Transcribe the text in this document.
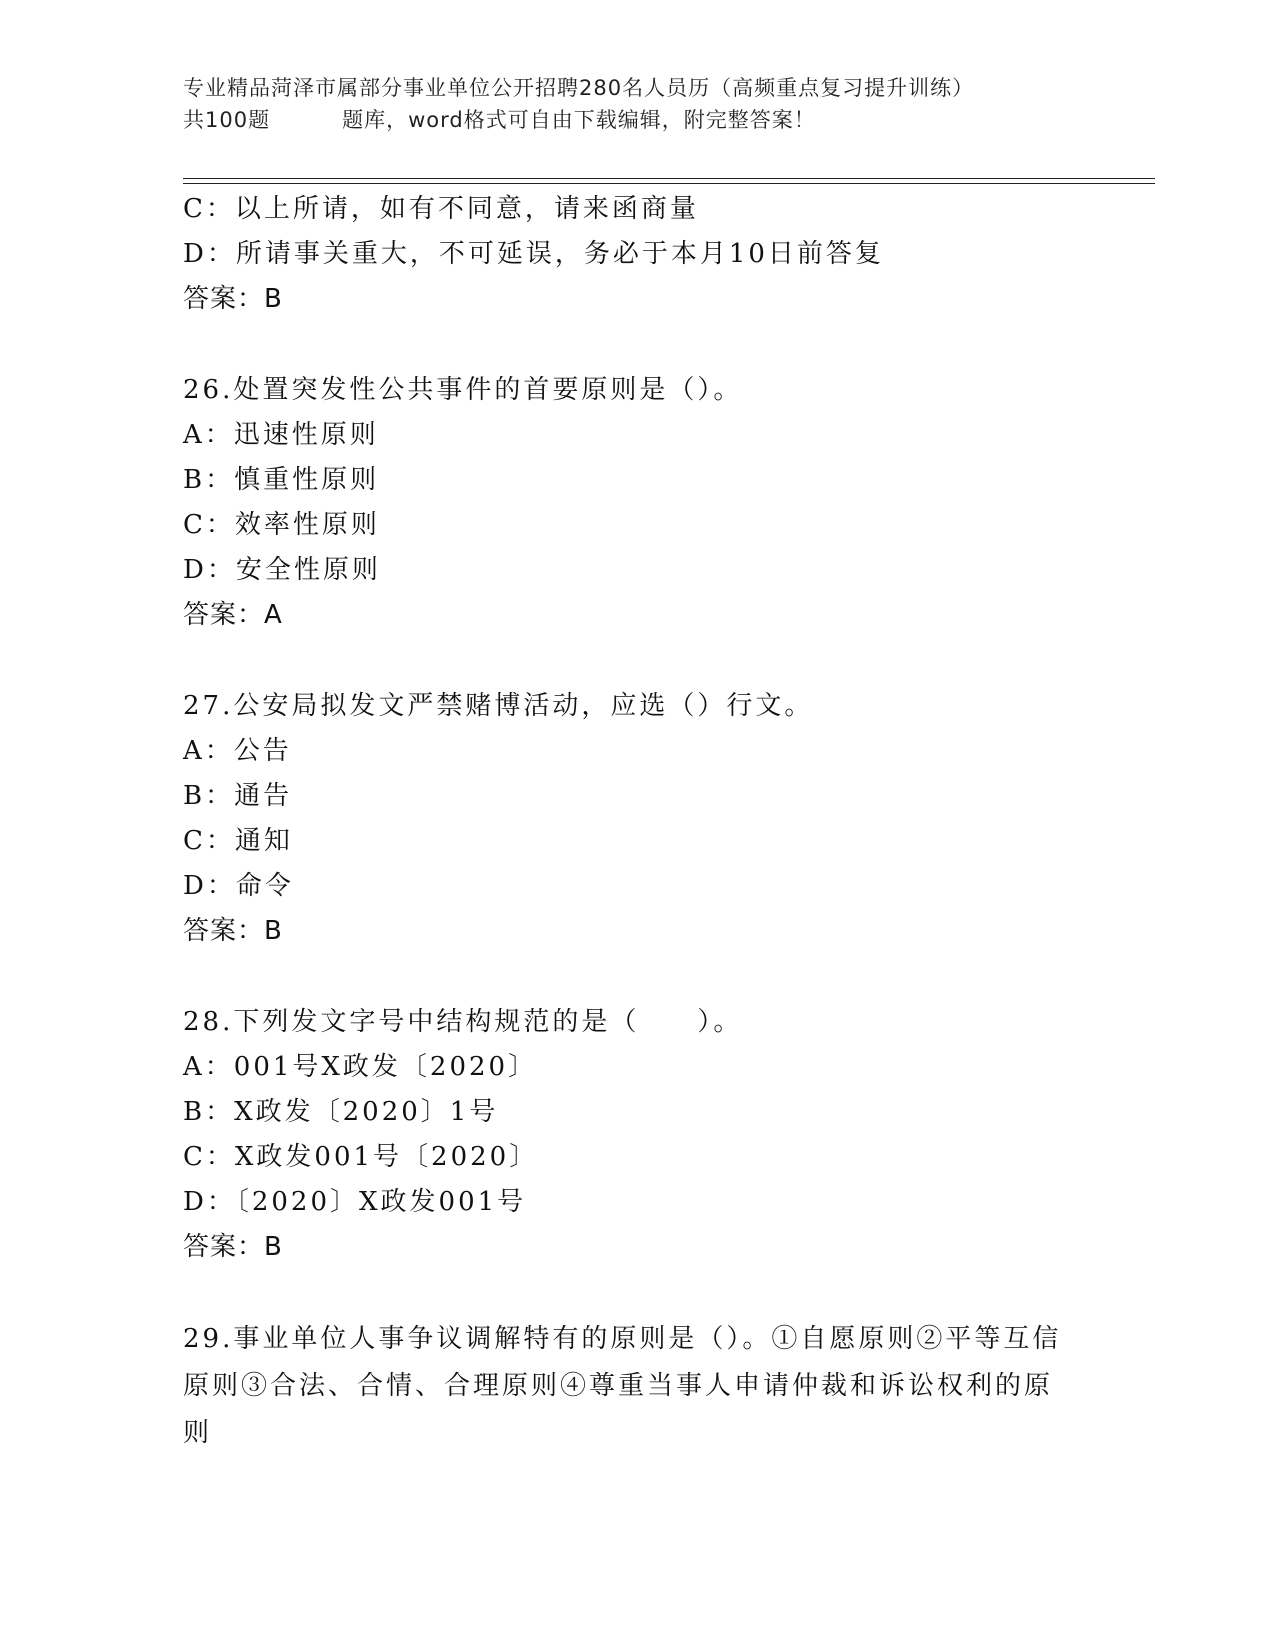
专业精品菏泽市属部分事业单位公开招聘280名人员历（高频重点复习提升训练）
共100题	题库，word格式可自由下载编辑，附完整答案！
C：以上所请，如有不同意，请来函商量
D：所请事关重大，不可延误，务必于本月10日前答复
答案：B
26.处置突发性公共事件的首要原则是（）。
A：迅速性原则
B：慎重性原则
C：效率性原则
D：安全性原则
答案：A
27.公安局拟发文严禁赌博活动，应选（）行文。
A：公告
B：通告
C：通知
D：命令
答案：B
28.下列发文字号中结构规范的是（　　）。
A：001号X政发〔2020〕
B：X政发〔2020〕1号
C：X政发001号〔2020〕
D：〔2020〕X政发001号
答案：B
29.事业单位人事争议调解特有的原则是（）。①自愿原则②平等互信原则③合法、合情、合理原则④尊重当事人申请仲裁和诉讼权利的原则
